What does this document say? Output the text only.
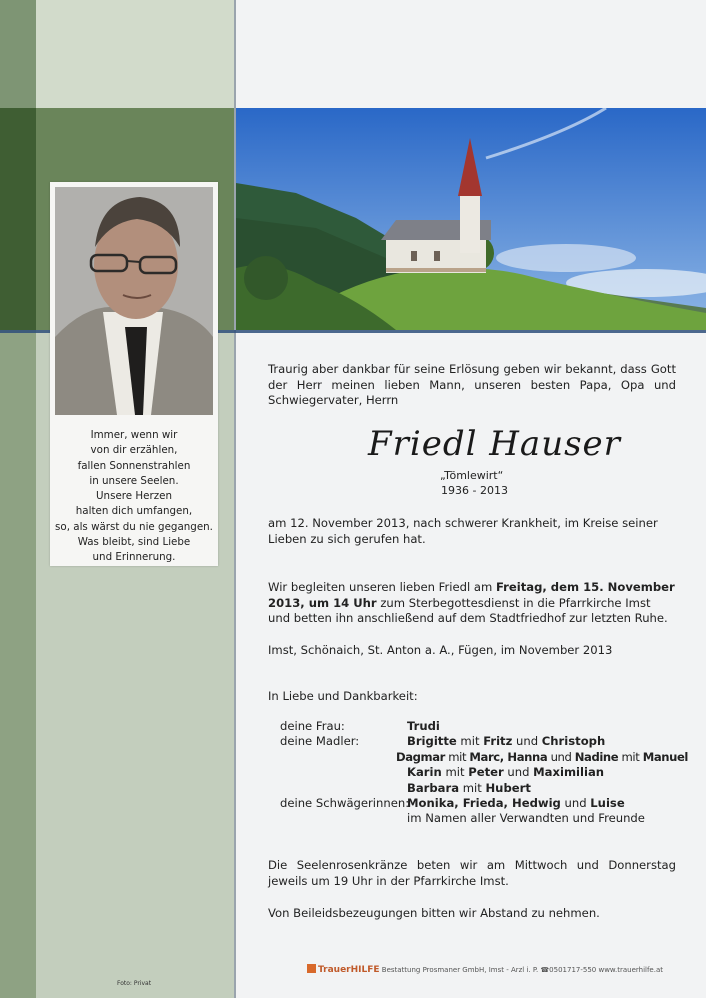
Immer, wenn wir
von dir erzählen,
fallen Sonnenstrahlen
in unsere Seelen.
Unsere Herzen
halten dich umfangen,
so, als wärst du nie gegangen.
Was bleibt, sind Liebe
und Erinnerung.
Foto: Privat
Traurig aber dankbar für seine Erlösung geben wir bekannt, dass Gott der Herr meinen lieben Mann, unseren besten Papa, Opa und Schwiegervater, Herrn
Friedl Hauser
„Tömlewirt“
1936 - 2013
am 12. November 2013, nach schwerer Krankheit, im Kreise seiner Lieben zu sich gerufen hat.
Wir begleiten unseren lieben Friedl am Freitag, dem 15. November 2013, um 14 Uhr zum Sterbegottesdienst in die Pfarrkirche Imst und betten ihn anschließend auf dem Stadtfriedhof zur letzten Ruhe.
Imst, Schönaich, St. Anton a. A., Fügen, im November 2013
In Liebe und Dankbarkeit:
deine Frau:	Trudi
deine Madler:	Brigitte mit Fritz und Christoph
Dagmar mit Marc, Hanna und Nadine mit Manuel
Karin mit Peter und Maximilian
Barbara mit Hubert
deine Schwägerinnen:
Monika, Frieda, Hedwig und Luise
im Namen aller Verwandten und Freunde
Die Seelenrosenkränze beten wir am Mittwoch und Donnerstag jeweils um 19 Uhr in der Pfarrkirche Imst.
Von Beileidsbezeugungen bitten wir Abstand zu nehmen.
TrauerHILFE Bestattung Prosmaner GmbH, Imst - Arzl i. P. ☎0501717-550 www.trauerhilfe.at
